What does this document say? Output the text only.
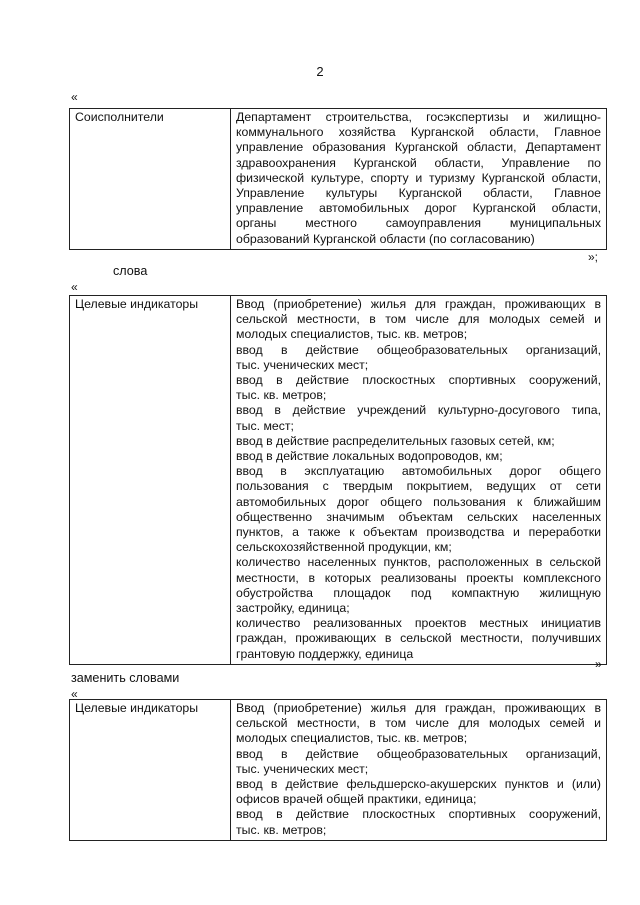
2
«
Соисполнители	Департамент строительства, госэкспертизы и жилищно-
коммунального хозяйства Курганской области, Главное
управление образования Курганской области, Департамент
здравоохранения Курганской области, Управление по
физической культуре, спорту и туризму Курганской области,
Управление культуры Курганской области, Главное
управление автомобильных дорог Курганской области,
органы местного самоуправления муниципальных
образований Курганской области (по согласованию)
»;
слова
«
Целевые индикаторы	Ввод (приобретение) жилья для граждан, проживающих в
сельской местности, в том числе для молодых семей и
молодых специалистов, тыс. кв. метров;
ввод в действие общеобразовательных организаций,
тыс. ученических мест;
ввод в действие плоскостных спортивных сооружений,
тыс. кв. метров;
ввод в действие учреждений культурно-досугового типа,
тыс. мест;
ввод в действие распределительных газовых сетей, км;
ввод в действие локальных водопроводов, км;
ввод в эксплуатацию автомобильных дорог общего
пользования с твердым покрытием, ведущих от сети
автомобильных дорог общего пользования к ближайшим
общественно значимым объектам сельских населенных
пунктов, а также к объектам производства и переработки
сельскохозяйственной продукции, км;
количество населенных пунктов, расположенных в сельской
местности, в которых реализованы проекты комплексного
обустройства площадок под компактную жилищную
застройку, единица;
количество реализованных проектов местных инициатив
граждан, проживающих в сельской местности, получивших
грантовую поддержку, единица
»
заменить словами
«
Целевые индикаторы	Ввод (приобретение) жилья для граждан, проживающих в
сельской местности, в том числе для молодых семей и
молодых специалистов, тыс. кв. метров;
ввод в действие общеобразовательных организаций,
тыс. ученических мест;
ввод в действие фельдшерско-акушерских пунктов и (или)
офисов врачей общей практики, единица;
ввод в действие плоскостных спортивных сооружений,
тыс. кв. метров;
